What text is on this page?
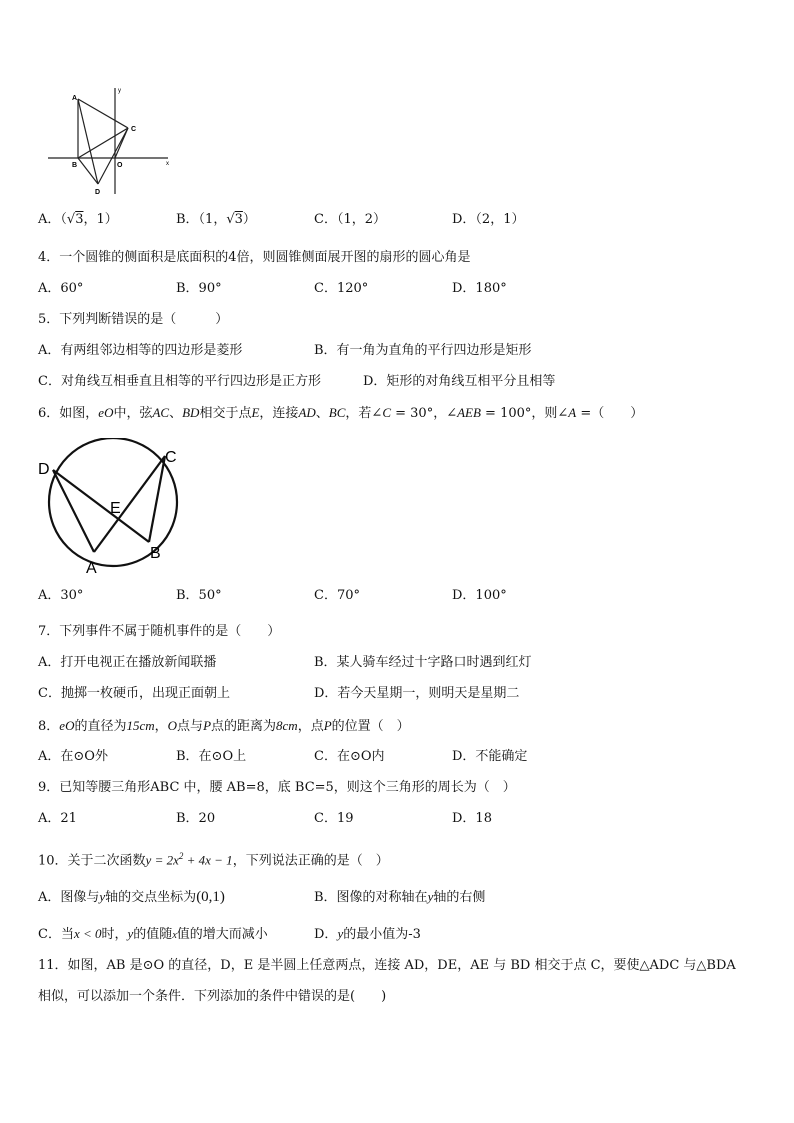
A
B
C
D
O	x
y
A．（√3，1）	B．（1，√3）	C．（1，2）	D．（2，1）
4．一个圆锥的侧面积是底面积的4倍，则圆锥侧面展开图的扇形的圆心角是
A．60°	B．90°	C．120°	D．180°
5．下列判断错误的是（　　　）
A．有两组邻边相等的四边形是菱形	B．有一角为直角的平行四边形是矩形
C．对角线互相垂直且相等的平行四边形是正方形	D．矩形的对角线互相平分且相等
6．如图，eO中，弦AC、BD相交于点E，连接AD、BC，若∠C = 30°，∠AEB = 100°，则∠A =（　　）
D
C
E
B
A
A．30°	B．50°	C．70°	D．100°
7．下列事件不属于随机事件的是（　　）
A．打开电视正在播放新闻联播	B．某人骑车经过十字路口时遇到红灯
C．抛掷一枚硬币，出现正面朝上	D．若今天星期一，则明天是星期二
8．eO的直径为15cm，O点与P点的距离为8cm，点P的位置（　）
A．在⊙O外	B．在⊙O上	C．在⊙O内	D．不能确定
9．已知等腰三角形ABC 中，腰 AB=8，底 BC=5，则这个三角形的周长为（　）
A．21	B．20	C．19	D．18
10．关于二次函数$y = 2x^2 + 4x - 1$，下列说法正确的是（　）
A．图像与y轴的交点坐标为(0,1)	B．图像的对称轴在y轴的右侧
C．当x < 0时，y的值随x值的增大而减小	D．y的最小值为-3
11．如图，AB 是⊙O 的直径，D，E 是半圆上任意两点，连接 AD，DE，AE 与 BD 相交于点 C，要使△ADC 与△BDA
相似，可以添加一个条件．下列添加的条件中错误的是(　　)
